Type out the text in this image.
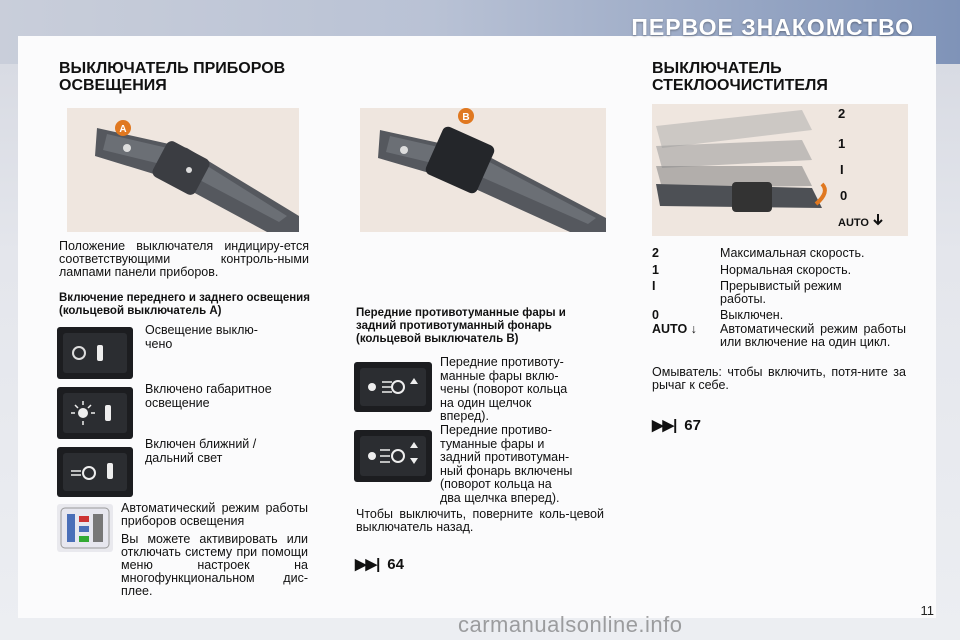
ПЕРВОЕ ЗНАКОМСТВО
ВЫКЛЮЧАТЕЛЬ ПРИБОРОВ
ОСВЕЩЕНИЯ
A
Положение выключателя индициру-ется соответствующими контроль-ными лампами панели приборов.
Включение переднего и заднего освещения (кольцевой выключатель A)
Освещение выклю-
чено
Включено габаритное
освещение
Включен ближний /
дальний свет
Автоматический режим работы приборов освещения
Вы можете активировать или отключать систему при помощи меню настроек на многофункциональном дис-плее.
B
Передние противотуманные фары и задний противотуманный фонарь (кольцевой выключатель B)
Передние противоту-
манные фары вклю-
чены (поворот кольца
на один щелчок
вперед).
Передние противо-
туманные фары и
задний противотуман-
ный фонарь включены
(поворот кольца на
два щелчка вперед).
Чтобы выключить, поверните коль-цевой выключатель назад.
▶▶| 64
ВЫКЛЮЧАТЕЛЬ
СТЕКЛООЧИСТИТЕЛЯ
2
1
I
0
AUTO
2	Максимальная скорость.
1	Нормальная скорость.
I	Прерывистый режим работы.
0	Выключен.
AUTO ↓	Автоматический режим работы или включение на один цикл.
Омыватель: чтобы включить, потя-ните за рычаг к себе.
▶▶| 67
11
carmanualsonline.info
